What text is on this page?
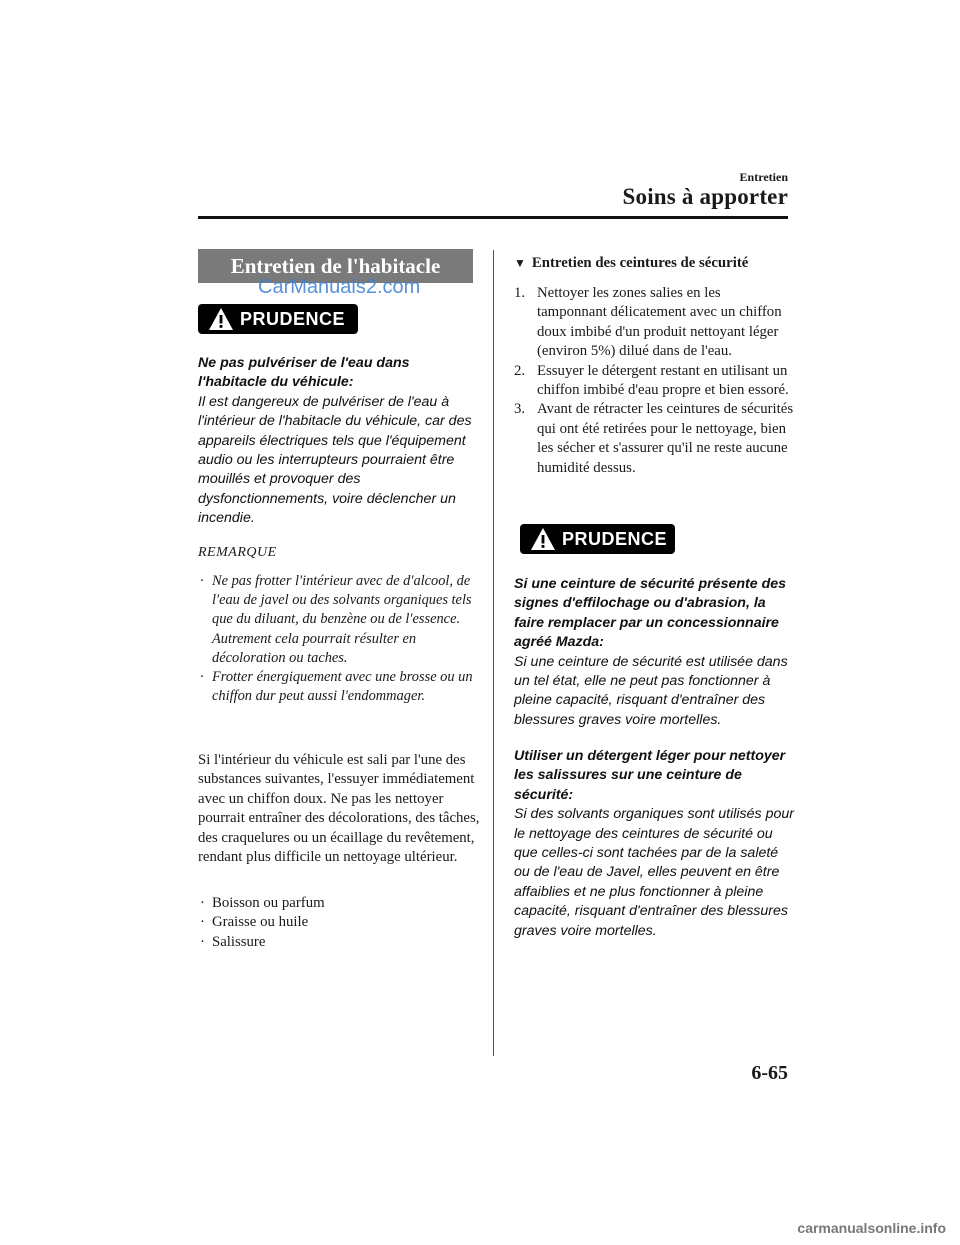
Entretien
Soins à apporter
Entretien de l'habitacle
CarManuals2.com
PRUDENCE

Ne pas pulvériser de l'eau dans l'habitacle du véhicule:

Il est dangereux de pulvériser de l'eau à l'intérieur de l'habitacle du véhicule, car des appareils électriques tels que l'équipement audio ou les interrupteurs pourraient être mouillés et provoquer des dysfonctionnements, voire déclencher un incendie.

REMARQUE
· Ne pas frotter l'intérieur avec de d'alcool, de l'eau de javel ou des solvants organiques tels que du diluant, du benzène ou de l'essence. Autrement cela pourrait résulter en décoloration ou taches.
· Frotter énergiquement avec une brosse ou un chiffon dur peut aussi l'endommager.
Si l'intérieur du véhicule est sali par l'une des substances suivantes, l'essuyer immédiatement avec un chiffon doux. Ne pas les nettoyer pourrait entraîner des décolorations, des tâches, des craquelures ou un écaillage du revêtement, rendant plus difficile un nettoyage ultérieur.
· Boisson ou parfum
· Graisse ou huile
· Salissure
▼ Entretien des ceintures de sécurité
1. Nettoyer les zones salies en les tamponnant délicatement avec un chiffon doux imbibé d'un produit nettoyant léger (environ 5%) dilué dans de l'eau.
2. Essuyer le détergent restant en utilisant un chiffon imbibé d'eau propre et bien essoré.
3. Avant de rétracter les ceintures de sécurités qui ont été retirées pour le nettoyage, bien les sécher et s'assurer qu'il ne reste aucune humidité dessus.
PRUDENCE

Si une ceinture de sécurité présente des signes d'effilochage ou d'abrasion, la faire remplacer par un concessionnaire agréé Mazda:

Si une ceinture de sécurité est utilisée dans un tel état, elle ne peut pas fonctionner à pleine capacité, risquant d'entraîner des blessures graves voire mortelles.

Utiliser un détergent léger pour nettoyer les salissures sur une ceinture de sécurité:

Si des solvants organiques sont utilisés pour le nettoyage des ceintures de sécurité ou que celles-ci sont tachées par de la saleté ou de l'eau de Javel, elles peuvent en être affaiblies et ne plus fonctionner à pleine capacité, risquant d'entraîner des blessures graves voire mortelles.

6-65
carmanualsonline.info
